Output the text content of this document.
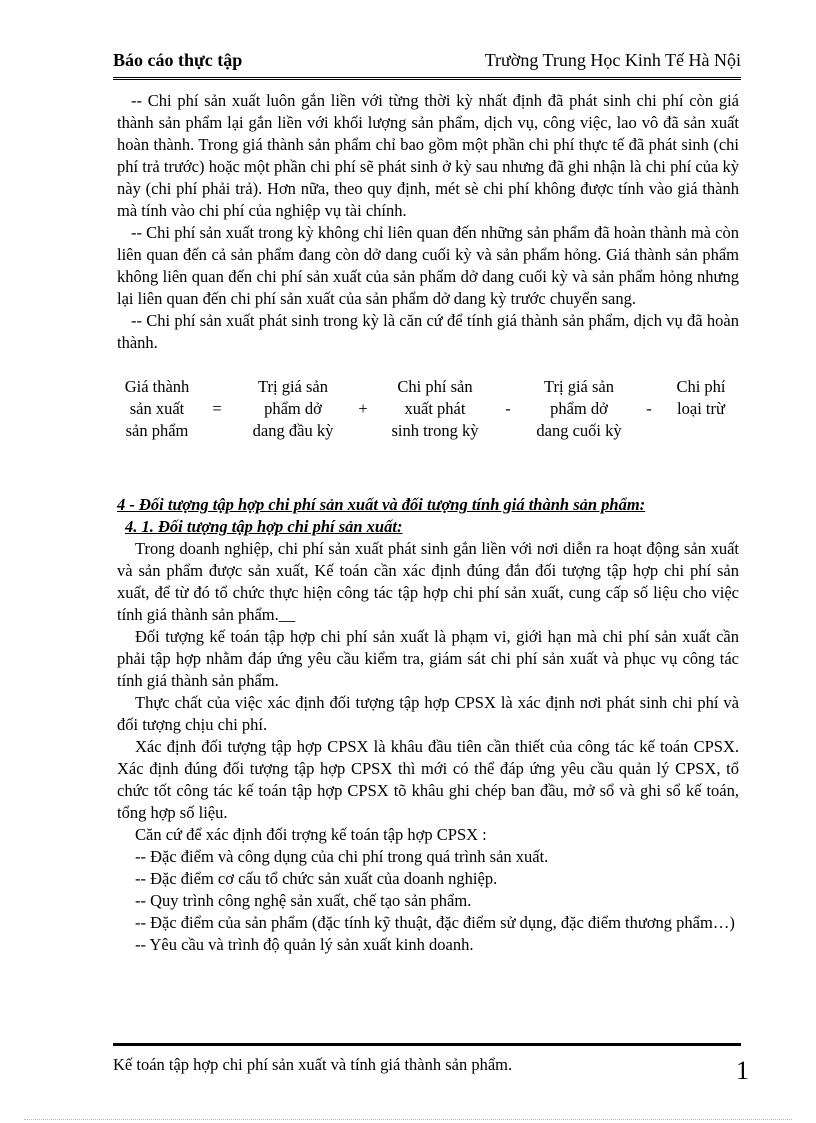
Báo cáo thực tập	Trường Trung Học Kinh Tế Hà Nội

-- Chi phí sản xuất luôn gắn liền với từng thời kỳ nhất định đã phát sinh chi phí còn giá thành sản phẩm lại gắn liền với khối lượng sản phẩm, dịch vụ, công việc, lao vô đã sản xuất hoàn thành. Trong giá thành sản phẩm chỉ bao gồm một phần chi phí thực tế đã phát sinh (chi phí trả trước) hoặc một phần chi phí sẽ phát sinh ở kỳ sau nhưng đã ghi nhận là chi phí của kỳ này (chi phí phải trả). Hơn nữa, theo quy định, mét sè chi phí không được tính vào giá thành mà tính vào chi phí của nghiệp vụ tài chính.

-- Chi phí sản xuất trong kỳ không chỉ liên quan đến những sản phẩm đã hoàn thành mà còn liên quan đến cả sản phẩm đang còn dở dang cuối kỳ và sản phẩm hỏng. Giá thành sản phẩm không liên quan đến chi phí sản xuất của sản phẩm dở dang cuối kỳ và sản phẩm hỏng nhưng lại liên quan đến chi phí sản xuất của sản phẩm dở dang kỳ trước chuyển sang.

-- Chi phí sản xuất phát sinh trong kỳ là căn cứ để tính giá thành sản phẩm, dịch vụ đã hoàn thành.

Giá thành
sản xuất
sản phẩm
=
Trị giá sản
phẩm dở
dang đầu kỳ
+
Chi phí sản
xuất phát
sinh trong kỳ
-
Trị giá sản
phẩm dở
dang cuối kỳ
-
Chi phí
loại trừ
4 - Đối tượng tập hợp chi phí sản xuất và đối tượng tính giá thành sản phẩm:
4. 1. Đối tượng tập hợp chi phí sản xuất:

Trong doanh nghiệp, chi phí sản xuất phát sinh gắn liền với nơi diễn ra hoạt động sản xuất và sản phẩm được sản xuất, Kế toán cần xác định đúng đắn đối tượng tập hợp chi phí sản xuất, để từ đó tổ chức thực hiện công tác tập hợp chi phí sản xuất, cung cấp số liệu cho việc tính giá thành sản phẩm.__

Đối tượng kế toán tập hợp chi phí sản xuất là phạm vi, giới hạn mà chi phí sản xuất cần phải tập hợp nhằm đáp ứng yêu cầu kiểm tra, giám sát chi phí sản xuất và phục vụ công tác tính giá thành sản phẩm.

Thực chất của việc xác định đối tượng tập hợp CPSX là xác định nơi phát sinh chi phí và đối tượng chịu chi phí.

Xác định đối tượng tập hợp CPSX là khâu đầu tiên cần thiết của công tác kế toán CPSX. Xác định đúng đối tượng tập hợp CPSX thì mới có thể đáp ứng yêu cầu quản lý CPSX, tổ chức tốt công tác kế toán tập hợp CPSX tõ khâu ghi chép ban đầu, mở sổ và ghi sổ kế toán, tổng hợp số liệu.

Căn cứ để xác định đối trợng kế toán tập hợp CPSX :

-- Đặc điểm và công dụng của chi phí trong quá trình sản xuất.

-- Đặc điểm cơ cấu tổ chức sản xuất của doanh nghiệp.

-- Quy trình công nghệ sản xuất, chế tạo sản phẩm.

-- Đặc điểm của sản phẩm (đặc tính kỹ thuật, đặc điểm sử dụng, đặc điểm thương phẩm…)

-- Yêu cầu và trình độ quản lý sản xuất kinh doanh.

Kế toán tập hợp chi phí sản xuất và tính giá thành sản phẩm.	1
